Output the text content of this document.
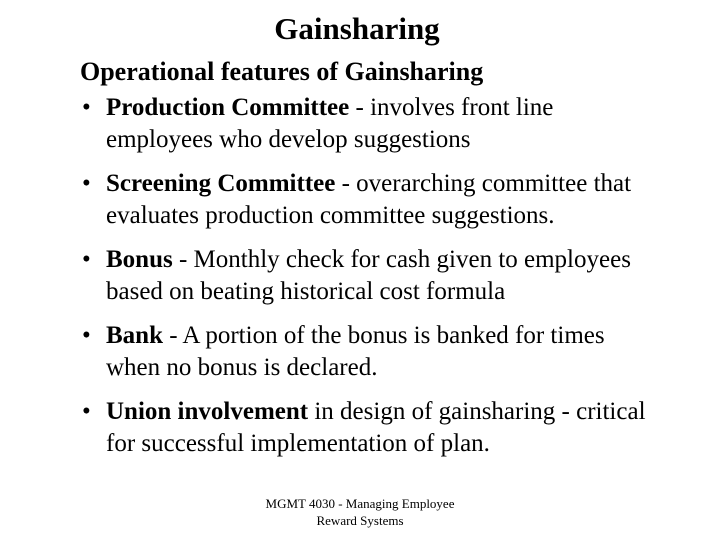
Gainsharing
Operational features of Gainsharing
• Production Committee - involves front line
employees who develop suggestions
• Screening Committee - overarching committee that
evaluates production committee suggestions.
• Bonus - Monthly check for cash given to employees
based on beating historical cost formula
• Bank - A portion of the bonus is banked for times
when no bonus is declared.
• Union involvement in design of gainsharing - critical
for successful implementation of plan.
MGMT 4030 - Managing Employee
Reward Systems
